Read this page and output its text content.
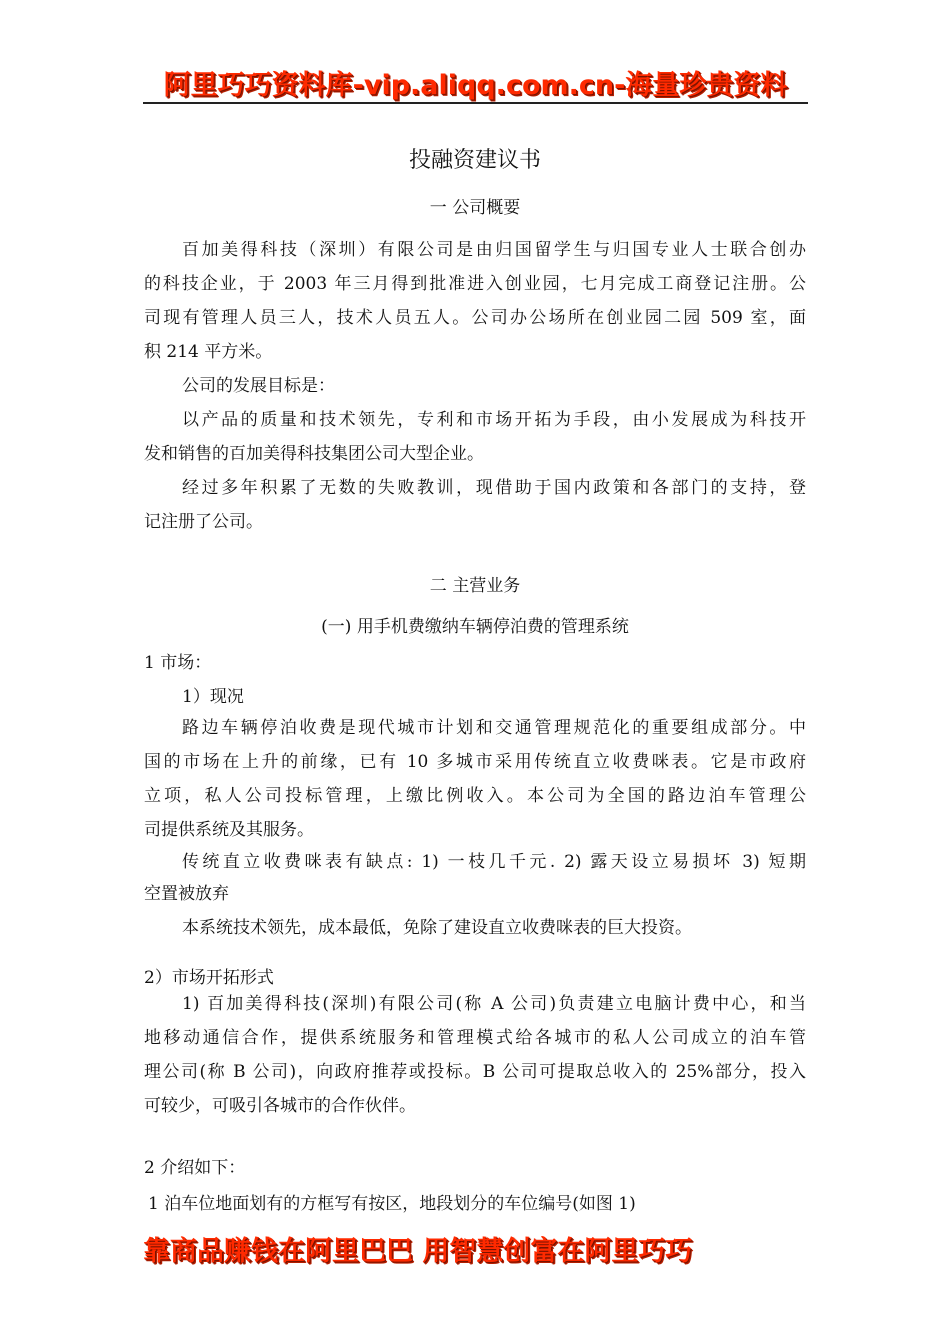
阿里巧巧资料库-vip.aliqq.com.cn-海量珍贵资料
投融资建议书
一 公司概要
百加美得科技（深圳）有限公司是由归国留学生与归国专业人士联合创办
的科技企业，于 2003 年三月得到批准进入创业园，七月完成工商登记注册。公
司现有管理人员三人，技术人员五人。公司办公场所在创业园二园 509 室，面
积 214 平方米。
公司的发展目标是：
以产品的质量和技术领先，专利和市场开拓为手段，由小发展成为科技开
发和销售的百加美得科技集团公司大型企业。
经过多年积累了无数的失败教训，现借助于国内政策和各部门的支持，登
记注册了公司。
二 主营业务
(一) 用手机费缴纳车辆停泊费的管理系统
1 市场：
1）现况
路边车辆停泊收费是现代城市计划和交通管理规范化的重要组成部分。中
国的市场在上升的前缘，已有 10 多城市采用传统直立收费咪表。它是市政府
立项，私人公司投标管理，上缴比例收入。本公司为全国的路边泊车管理公
司提供系统及其服务。
传统直立收费咪表有缺点: 1) 一枝几千元. 2) 露天设立易损坏 3) 短期
空置被放弃
本系统技术领先，成本最低，免除了建设直立收费咪表的巨大投资。
2）市场开拓形式
1) 百加美得科技(深圳)有限公司(称 A 公司)负责建立电脑计费中心，和当
地移动通信合作，提供系统服务和管理模式给各城市的私人公司成立的泊车管
理公司(称 B 公司)，向政府推荐或投标。B 公司可提取总收入的 25%部分，投入
可较少，可吸引各城市的合作伙伴。
2 介绍如下：
1 泊车位地面划有的方框写有按区，地段划分的车位编号(如图 1)
靠商品赚钱在阿里巴巴 用智慧创富在阿里巧巧
